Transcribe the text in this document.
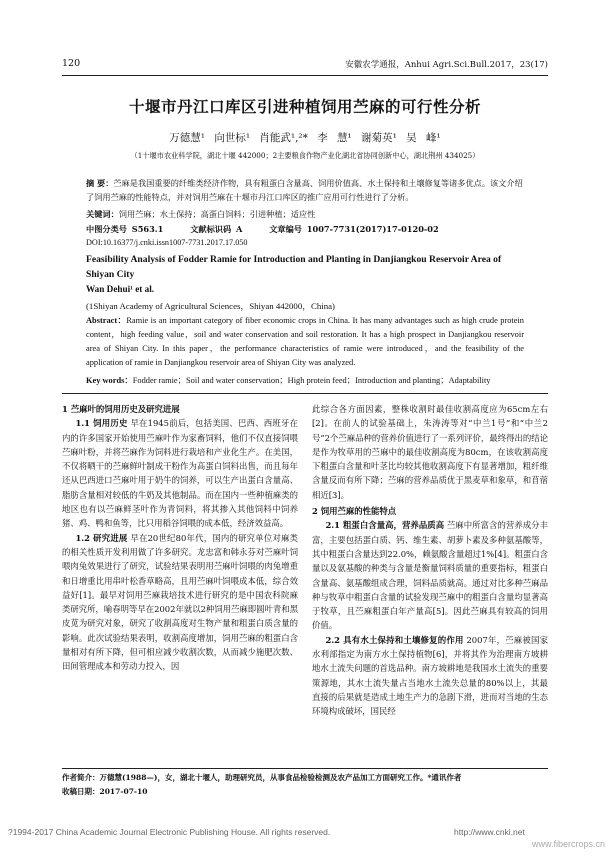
120	安徽农学通报，Anhui Agri.Sci.Bull.2017，23(17)
十堰市丹江口库区引进种植饲用苎麻的可行性分析
万德慧¹ 向世标¹ 肖能武¹,²* 李 慧¹ 谢菊英¹ 吴 峰¹
（1十堰市农业科学院，湖北十堰 442000；2主要粮食作物产业化湖北省协同创新中心，湖北荆州 434025）
摘 要：苎麻是我国重要的纤维类经济作物，具有粗蛋白含量高、饲用价值高、水土保持和土壤修复等诸多优点。该文介绍了饲用苎麻的性能特点，并对饲用苎麻在十堰市丹江口库区的推广应用可行性进行了分析。
关键词：饲用苎麻；水土保持；高蛋白饲料；引进种植；适应性
中图分类号 S563.1	文献标识码 A	文章编号 1007-7731(2017)17-0120-02
DOI:10.16377/j.cnki.issn1007-7731.2017.17.050
Feasibility Analysis of Fodder Ramie for Introduction and Planting in Danjiangkou Reservoir Area of Shiyan City
Wan Dehui¹ et al.
(1Shiyan Academy of Agricultural Sciences，Shiyan 442000，China)
Abstract：Ramie is an important category of fiber economic crops in China. It has many advantages such as high crude protein content，high feeding value，soil and water conservation and soil restoration. It has a high prospect in Danjiangkou reservoir area of Shiyan City. In this paper，the performance characteristics of ramie were introduced，and the feasibility of the application of ramie in Danjiangkou reservoir area of Shiyan City was analyzed.
Key words：Fodder ramie；Soil and water conservation；High protein feed；Introduction and planting；Adaptability

1 苎麻叶的饲用历史及研究进展

1.1 饲用历史 早在1945前后，包括美国、巴西、西班牙在内的许多国家开始使用苎麻叶作为家畜饲料，他们不仅直接饲喂苎麻叶粉，并将苎麻作为饲料进行栽培和产业化生产。在美国，不仅将晒干的苎麻鲜叶制成干粉作为高蛋白饲料出售，而且每年还从巴西进口苎麻叶用于奶牛的饲养，可以生产出蛋白含量高、脂肪含量相对较低的牛奶及其他制品。而在国内一些种植麻类的地区也有以苎麻鲜茎叶作为青饲料，将其掺入其他饲料中饲养猪、鸡、鸭和鱼等，比只用稻谷饲喂的成本低，经济效益高。

1.2 研究进展 早在20世纪80年代，国内的研究单位对麻类的相关性质开发利用做了许多研究。龙忠富和韩永芬对苎麻叶饲喂肉兔效果进行了研究，试验结果表明用苎麻叶饲喂的肉兔增重和日增重比用串叶松香草略高，且用苎麻叶饲喂成本低，综合效益好[1]。最早对饲用苎麻栽培技术进行研究的是中国农科院麻类研究所，喻春明等早在2002年就以2种饲用苎麻即圆叶青和黑皮苋为研究对象，研究了收割高度对生物产量和粗蛋白质含量的影响。此次试验结果表明，收割高度增加，饲用苎麻的粗蛋白含量相对有所下降，但可相应减少收割次数，从而减少施肥次数、田间管理成本和劳动力投入，因

此综合各方面因素，整株收割时最佳收割高度应为65cm左右[2]。在前人的试验基础上，朱涛涛等对“中兰1号”和“中兰2号”2个苎麻品种的营养价值进行了一系列评价，最终得出的结论是作为牧草用的苎麻中的最佳收割高度为80cm，在该收割高度下粗蛋白含量和叶茎比均较其他收割高度下有显著增加，粗纤维含量反而有所下降；苎麻的营养品质优于黑麦草和象草，和苜蓿相近[3]。

2 饲用苎麻的性能特点

2.1 粗蛋白含量高，营养品质高 苎麻中所富含的营养成分丰富，主要包括蛋白质、钙、维生素、胡萝卜素及多种氨基酸等，其中粗蛋白含量达到22.0%，赖氨酸含量超过1%[4]。粗蛋白含量以及氨基酸的种类与含量是衡量饲料质量的重要指标，粗蛋白含量高、氨基酸组成合理，饲料品质就高。通过对比多种苎麻品种与牧草中粗蛋白含量的试验发现苎麻中的粗蛋白含量均显著高于牧草，且苎麻粗蛋白年产量高[5]。因此苎麻具有较高的饲用价值。

2.2 具有水土保持和土壤修复的作用 2007年，苎麻被国家水利部指定为南方水土保持植物[6]，并将其作为治理南方坡耕地水土流失问题的首选品种。南方坡耕地是我国水土流失的重要策源地，其水土流失量占当地水土流失总量的80%以上，其最直接的后果就是造成土地生产力的急剧下滑，进而对当地的生态环境构成破坏，国民经

作者简介：万德慧(1988—)，女，湖北十堰人，助理研究员，从事食品检验检测及农产品加工方面研究工作。*通讯作者
收稿日期：2017-07-10
?1994-2017 China Academic Journal Electronic Publishing House. All rights reserved.	http://www.cnki.net
www.fibercrops.cn
